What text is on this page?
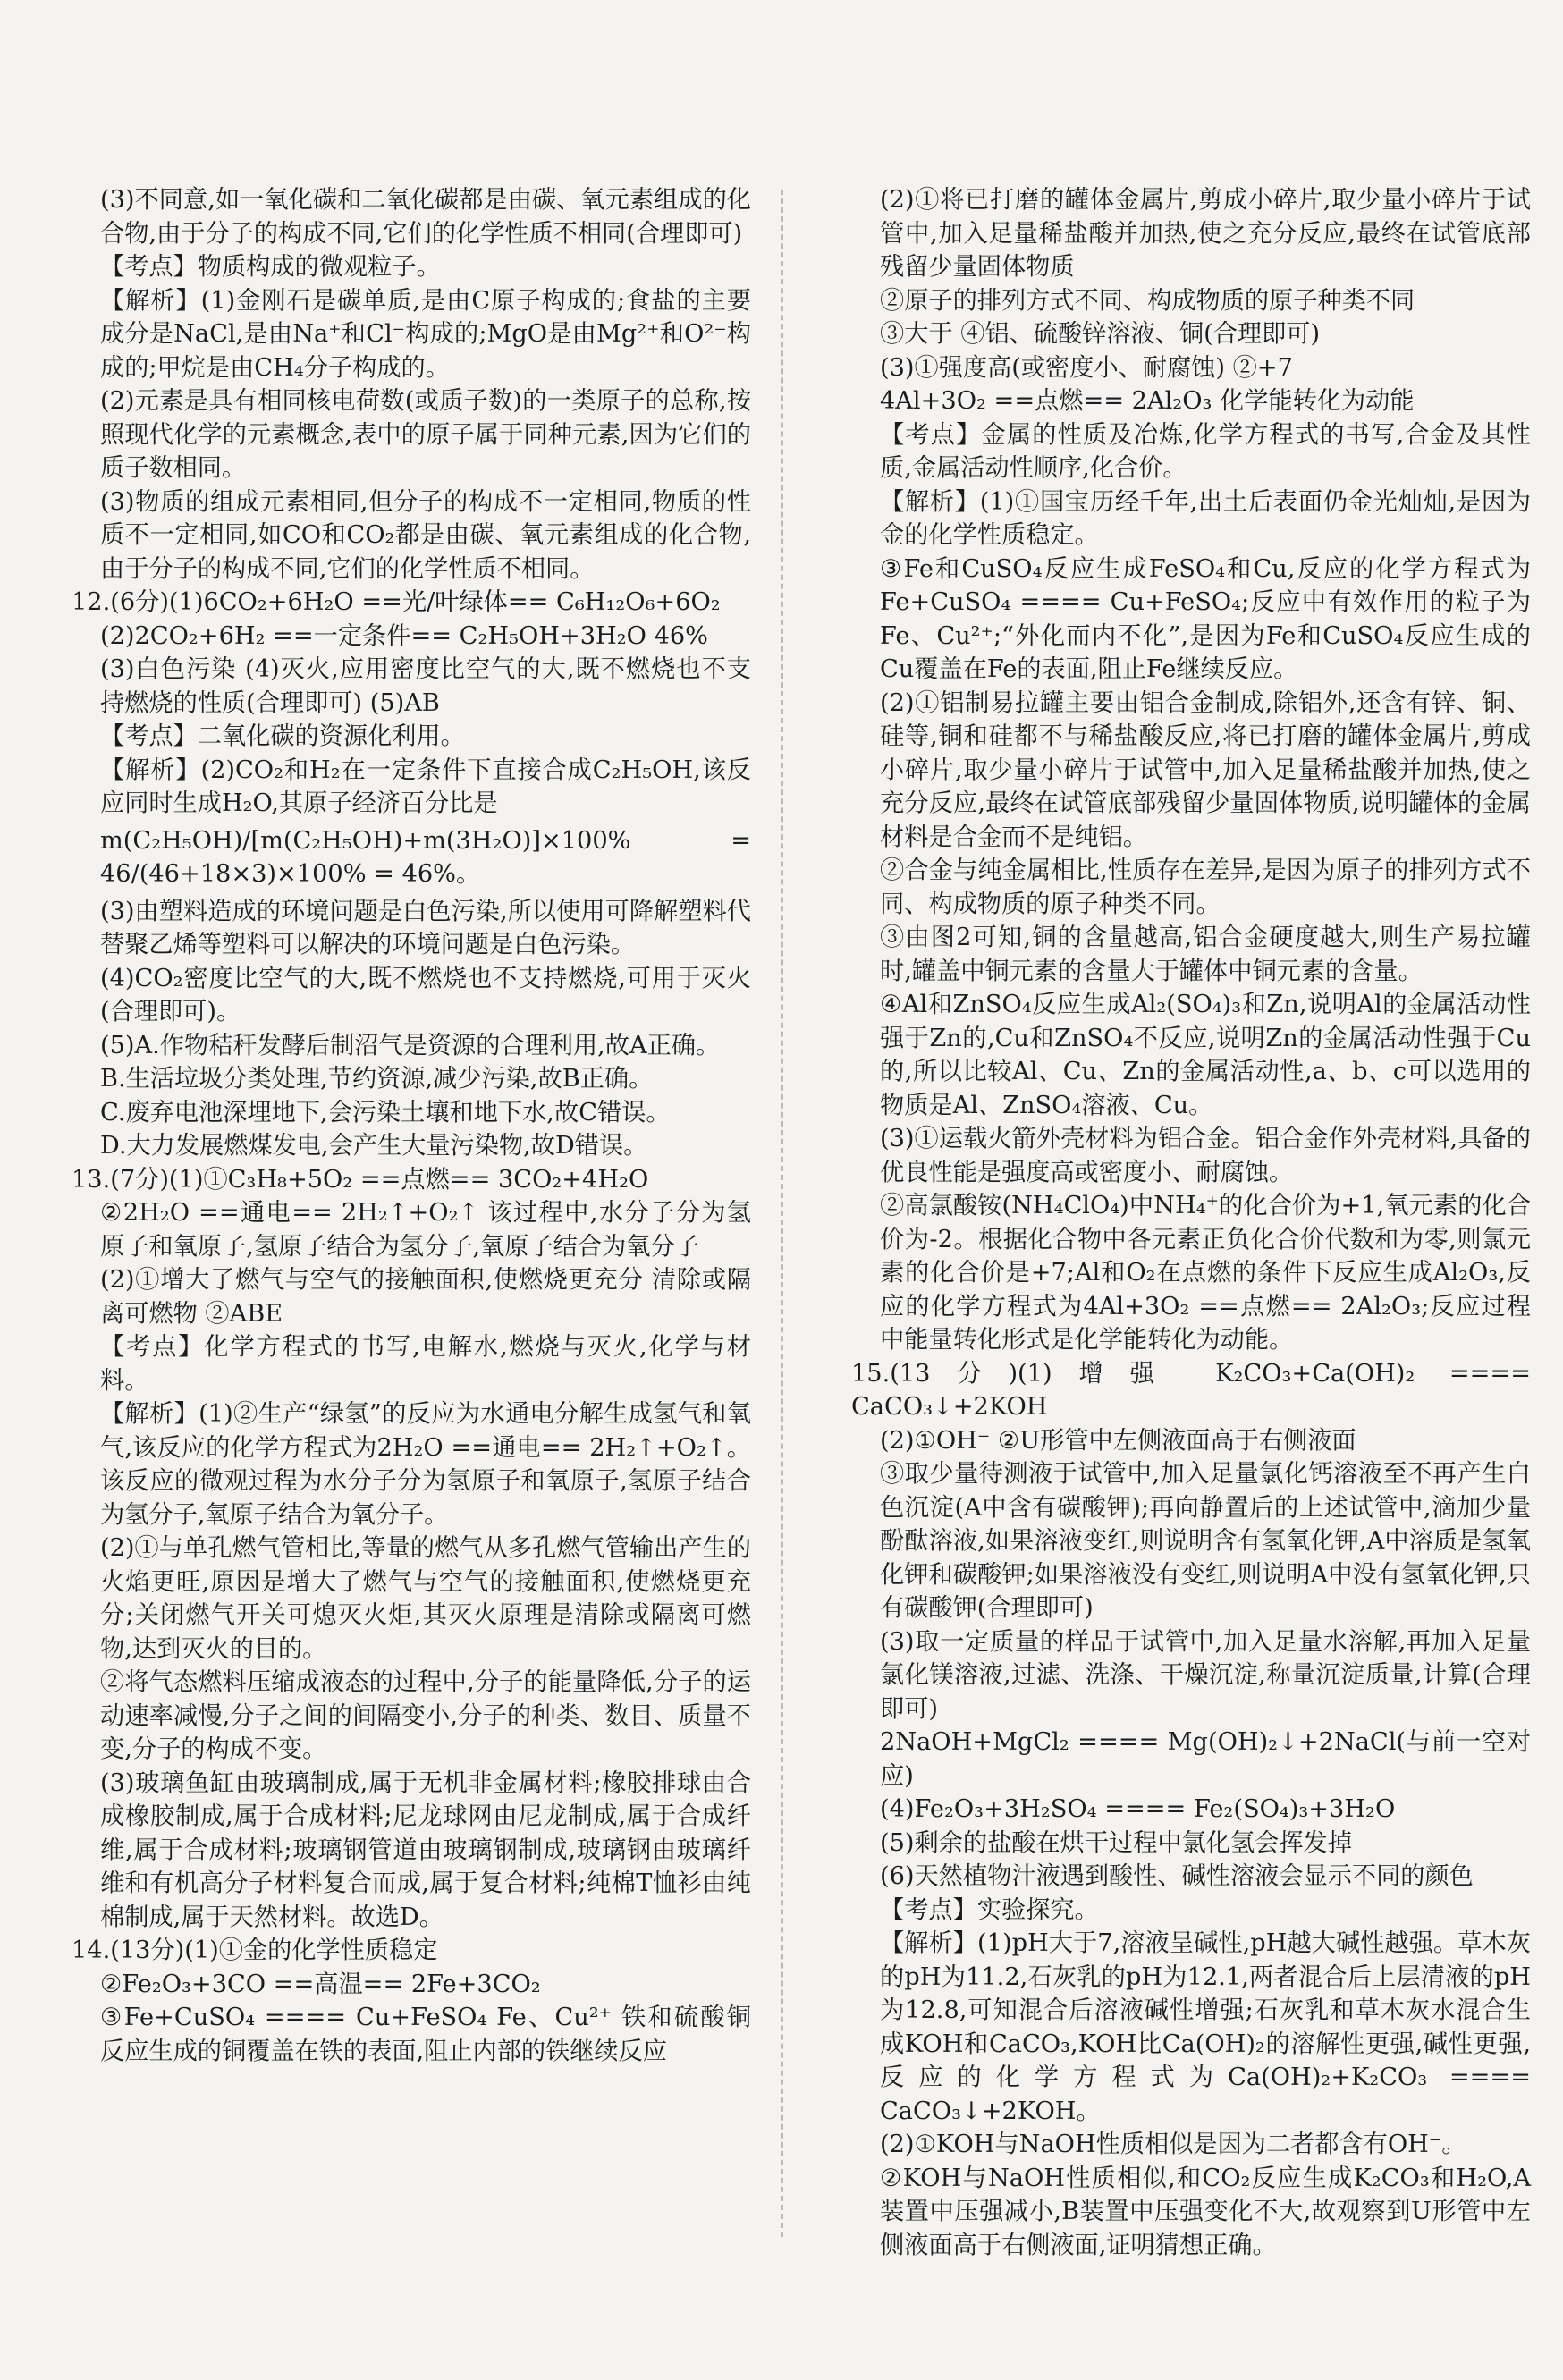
(3)不同意,如一氧化碳和二氧化碳都是由碳、氧元素组成的化合物,由于分子的构成不同,它们的化学性质不相同(合理即可)

【考点】物质构成的微观粒子。

【解析】(1)金刚石是碳单质,是由C原子构成的;食盐的主要成分是NaCl,是由Na⁺和Cl⁻构成的;MgO是由Mg²⁺和O²⁻构成的;甲烷是由CH₄分子构成的。

(2)元素是具有相同核电荷数(或质子数)的一类原子的总称,按照现代化学的元素概念,表中的原子属于同种元素,因为它们的质子数相同。

(3)物质的组成元素相同,但分子的构成不一定相同,物质的性质不一定相同,如CO和CO₂都是由碳、氧元素组成的化合物,由于分子的构成不同,它们的化学性质不相同。

12.(6分)(1)6CO₂+6H₂O ==光/叶绿体== C₆H₁₂O₆+6O₂

(2)2CO₂+6H₂ ==一定条件== C₂H₅OH+3H₂O 46%

(3)白色污染 (4)灭火,应用密度比空气的大,既不燃烧也不支持燃烧的性质(合理即可) (5)AB

【考点】二氧化碳的资源化利用。

【解析】(2)CO₂和H₂在一定条件下直接合成C₂H₅OH,该反应同时生成H₂O,其原子经济百分比是

m(C₂H₅OH)/[m(C₂H₅OH)+m(3H₂O)]×100% = 46/(46+18×3)×100% = 46%。

(3)由塑料造成的环境问题是白色污染,所以使用可降解塑料代替聚乙烯等塑料可以解决的环境问题是白色污染。

(4)CO₂密度比空气的大,既不燃烧也不支持燃烧,可用于灭火(合理即可)。

(5)A.作物秸秆发酵后制沼气是资源的合理利用,故A正确。

B.生活垃圾分类处理,节约资源,减少污染,故B正确。

C.废弃电池深埋地下,会污染土壤和地下水,故C错误。

D.大力发展燃煤发电,会产生大量污染物,故D错误。

13.(7分)(1)①C₃H₈+5O₂ ==点燃== 3CO₂+4H₂O

②2H₂O ==通电== 2H₂↑+O₂↑ 该过程中,水分子分为氢原子和氧原子,氢原子结合为氢分子,氧原子结合为氧分子

(2)①增大了燃气与空气的接触面积,使燃烧更充分 清除或隔离可燃物 ②ABE

【考点】化学方程式的书写,电解水,燃烧与灭火,化学与材料。

【解析】(1)②生产“绿氢”的反应为水通电分解生成氢气和氧气,该反应的化学方程式为2H₂O ==通电== 2H₂↑+O₂↑。该反应的微观过程为水分子分为氢原子和氧原子,氢原子结合为氢分子,氧原子结合为氧分子。

(2)①与单孔燃气管相比,等量的燃气从多孔燃气管输出产生的火焰更旺,原因是增大了燃气与空气的接触面积,使燃烧更充分;关闭燃气开关可熄灭火炬,其灭火原理是清除或隔离可燃物,达到灭火的目的。

②将气态燃料压缩成液态的过程中,分子的能量降低,分子的运动速率减慢,分子之间的间隔变小,分子的种类、数目、质量不变,分子的构成不变。

(3)玻璃鱼缸由玻璃制成,属于无机非金属材料;橡胶排球由合成橡胶制成,属于合成材料;尼龙球网由尼龙制成,属于合成纤维,属于合成材料;玻璃钢管道由玻璃钢制成,玻璃钢由玻璃纤维和有机高分子材料复合而成,属于复合材料;纯棉T恤衫由纯棉制成,属于天然材料。故选D。

14.(13分)(1)①金的化学性质稳定

②Fe₂O₃+3CO ==高温== 2Fe+3CO₂

③Fe+CuSO₄ ==== Cu+FeSO₄ Fe、Cu²⁺ 铁和硫酸铜反应生成的铜覆盖在铁的表面,阻止内部的铁继续反应

(2)①将已打磨的罐体金属片,剪成小碎片,取少量小碎片于试管中,加入足量稀盐酸并加热,使之充分反应,最终在试管底部残留少量固体物质

②原子的排列方式不同、构成物质的原子种类不同

③大于 ④铝、硫酸锌溶液、铜(合理即可)

(3)①强度高(或密度小、耐腐蚀) ②+7

4Al+3O₂ ==点燃== 2Al₂O₃ 化学能转化为动能

【考点】金属的性质及冶炼,化学方程式的书写,合金及其性质,金属活动性顺序,化合价。

【解析】(1)①国宝历经千年,出土后表面仍金光灿灿,是因为金的化学性质稳定。

③Fe和CuSO₄反应生成FeSO₄和Cu,反应的化学方程式为Fe+CuSO₄ ==== Cu+FeSO₄;反应中有效作用的粒子为Fe、Cu²⁺;“外化而内不化”,是因为Fe和CuSO₄反应生成的Cu覆盖在Fe的表面,阻止Fe继续反应。

(2)①铝制易拉罐主要由铝合金制成,除铝外,还含有锌、铜、硅等,铜和硅都不与稀盐酸反应,将已打磨的罐体金属片,剪成小碎片,取少量小碎片于试管中,加入足量稀盐酸并加热,使之充分反应,最终在试管底部残留少量固体物质,说明罐体的金属材料是合金而不是纯铝。

②合金与纯金属相比,性质存在差异,是因为原子的排列方式不同、构成物质的原子种类不同。

③由图2可知,铜的含量越高,铝合金硬度越大,则生产易拉罐时,罐盖中铜元素的含量大于罐体中铜元素的含量。

④Al和ZnSO₄反应生成Al₂(SO₄)₃和Zn,说明Al的金属活动性强于Zn的,Cu和ZnSO₄不反应,说明Zn的金属活动性强于Cu的,所以比较Al、Cu、Zn的金属活动性,a、b、c可以选用的物质是Al、ZnSO₄溶液、Cu。

(3)①运载火箭外壳材料为铝合金。铝合金作外壳材料,具备的优良性能是强度高或密度小、耐腐蚀。

②高氯酸铵(NH₄ClO₄)中NH₄⁺的化合价为+1,氧元素的化合价为-2。根据化合物中各元素正负化合价代数和为零,则氯元素的化合价是+7;Al和O₂在点燃的条件下反应生成Al₂O₃,反应的化学方程式为4Al+3O₂ ==点燃== 2Al₂O₃;反应过程中能量转化形式是化学能转化为动能。

15.(13分)(1)增强 K₂CO₃+Ca(OH)₂ ==== CaCO₃↓+2KOH

(2)①OH⁻ ②U形管中左侧液面高于右侧液面

③取少量待测液于试管中,加入足量氯化钙溶液至不再产生白色沉淀(A中含有碳酸钾);再向静置后的上述试管中,滴加少量酚酞溶液,如果溶液变红,则说明含有氢氧化钾,A中溶质是氢氧化钾和碳酸钾;如果溶液没有变红,则说明A中没有氢氧化钾,只有碳酸钾(合理即可)

(3)取一定质量的样品于试管中,加入足量水溶解,再加入足量氯化镁溶液,过滤、洗涤、干燥沉淀,称量沉淀质量,计算(合理即可)

2NaOH+MgCl₂ ==== Mg(OH)₂↓+2NaCl(与前一空对应)

(4)Fe₂O₃+3H₂SO₄ ==== Fe₂(SO₄)₃+3H₂O

(5)剩余的盐酸在烘干过程中氯化氢会挥发掉

(6)天然植物汁液遇到酸性、碱性溶液会显示不同的颜色

【考点】实验探究。

【解析】(1)pH大于7,溶液呈碱性,pH越大碱性越强。草木灰的pH为11.2,石灰乳的pH为12.1,两者混合后上层清液的pH为12.8,可知混合后溶液碱性增强;石灰乳和草木灰水混合生成KOH和CaCO₃,KOH比Ca(OH)₂的溶解性更强,碱性更强,反应的化学方程式为Ca(OH)₂+K₂CO₃ ==== CaCO₃↓+2KOH。

(2)①KOH与NaOH性质相似是因为二者都含有OH⁻。

②KOH与NaOH性质相似,和CO₂反应生成K₂CO₃和H₂O,A装置中压强减小,B装置中压强变化不大,故观察到U形管中左侧液面高于右侧液面,证明猜想正确。
